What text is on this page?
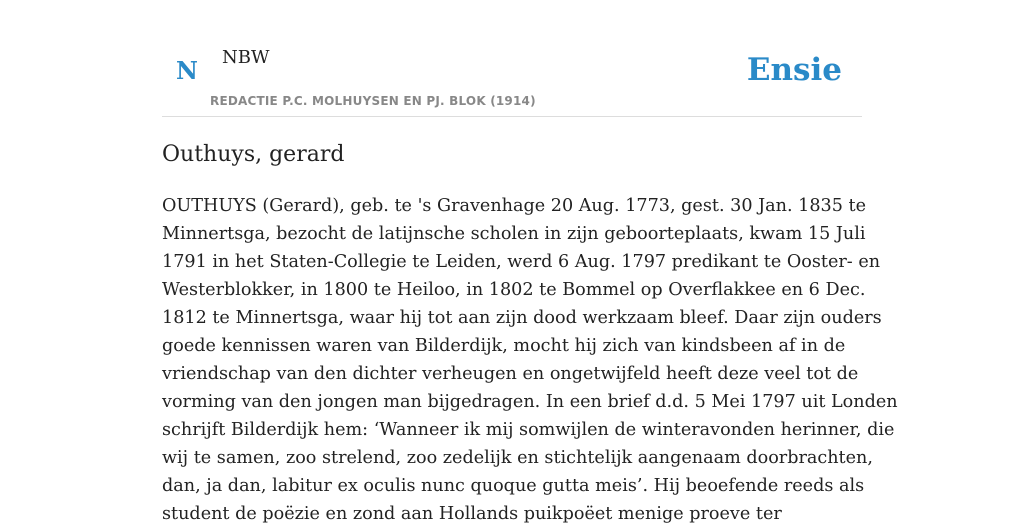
N NBW
REDACTIE P.C. MOLHUYSEN EN PJ. BLOK (1914)
Ensie
Outhuys, gerard

OUTHUYS (Gerard), geb. te 's Gravenhage 20 Aug. 1773, gest. 30 Jan. 1835 te
Minnertsga, bezocht de latijnsche scholen in zijn geboorteplaats, kwam 15 Juli
1791 in het Staten-Collegie te Leiden, werd 6 Aug. 1797 predikant te Ooster- en
Westerblokker, in 1800 te Heiloo, in 1802 te Bommel op Overflakkee en 6 Dec.
1812 te Minnertsga, waar hij tot aan zijn dood werkzaam bleef. Daar zijn ouders
goede kennissen waren van Bilderdijk, mocht hij zich van kindsbeen af in de
vriendschap van den dichter verheugen en ongetwijfeld heeft deze veel tot de
vorming van den jongen man bijgedragen. In een brief d.d. 5 Mei 1797 uit Londen
schrijft Bilderdijk hem: ‘Wanneer ik mij somwijlen de winteravonden herinner, die
wij te samen, zoo strelend, zoo zedelijk en stichtelijk aangenaam doorbrachten,
dan, ja dan, labitur ex oculis nunc quoque gutta meis’. Hij beoefende reeds als
student de poëzie en zond aan Hollands puikpoëet menige proeve ter
